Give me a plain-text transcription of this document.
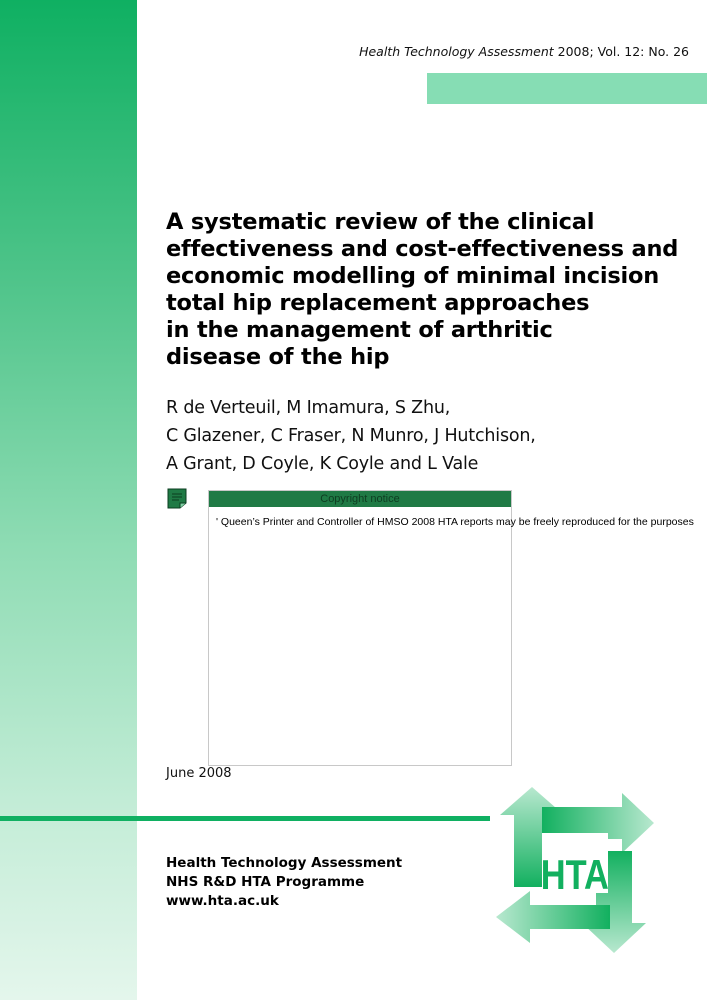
Health Technology Assessment 2008; Vol. 12: No. 26
A systematic review of the clinical
effectiveness and cost-effectiveness and
economic modelling of minimal incision
total hip replacement approaches
in the management of arthritic
disease of the hip
R de Verteuil, M Imamura, S Zhu,
C Glazener, C Fraser, N Munro, J Hutchison,
A Grant, D Coyle, K Coyle and L Vale
Copyright notice
' Queen’s Printer and Controller of HMSO 2008 HTA reports may be freely reproduced for the purposes
June 2008
Health Technology Assessment
NHS R&D HTA Programme
www.hta.ac.uk
HTA
